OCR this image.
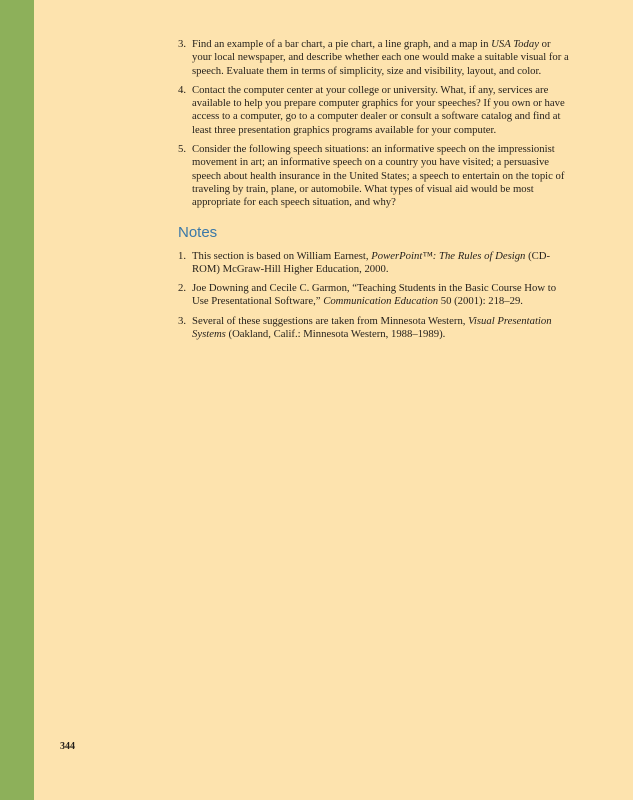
3. Find an example of a bar chart, a pie chart, a line graph, and a map in USA Today or your local newspaper, and describe whether each one would make a suitable visual for a speech. Evaluate them in terms of simplicity, size and visibility, layout, and color.
4. Contact the computer center at your college or university. What, if any, services are available to help you prepare computer graphics for your speeches? If you own or have access to a computer, go to a computer dealer or consult a software catalog and find at least three presentation graphics programs available for your computer.
5. Consider the following speech situations: an informative speech on the impressionist movement in art; an informative speech on a country you have visited; a persuasive speech about health insurance in the United States; a speech to entertain on the topic of traveling by train, plane, or automobile. What types of visual aid would be most appropriate for each speech situation, and why?
Notes
1. This section is based on William Earnest, PowerPoint™: The Rules of Design (CD-ROM) McGraw-Hill Higher Education, 2000.
2. Joe Downing and Cecile C. Garmon, “Teaching Students in the Basic Course How to Use Presentational Software,” Communication Education 50 (2001): 218–29.
3. Several of these suggestions are taken from Minnesota Western, Visual Presentation Systems (Oakland, Calif.: Minnesota Western, 1988–1989).
344
